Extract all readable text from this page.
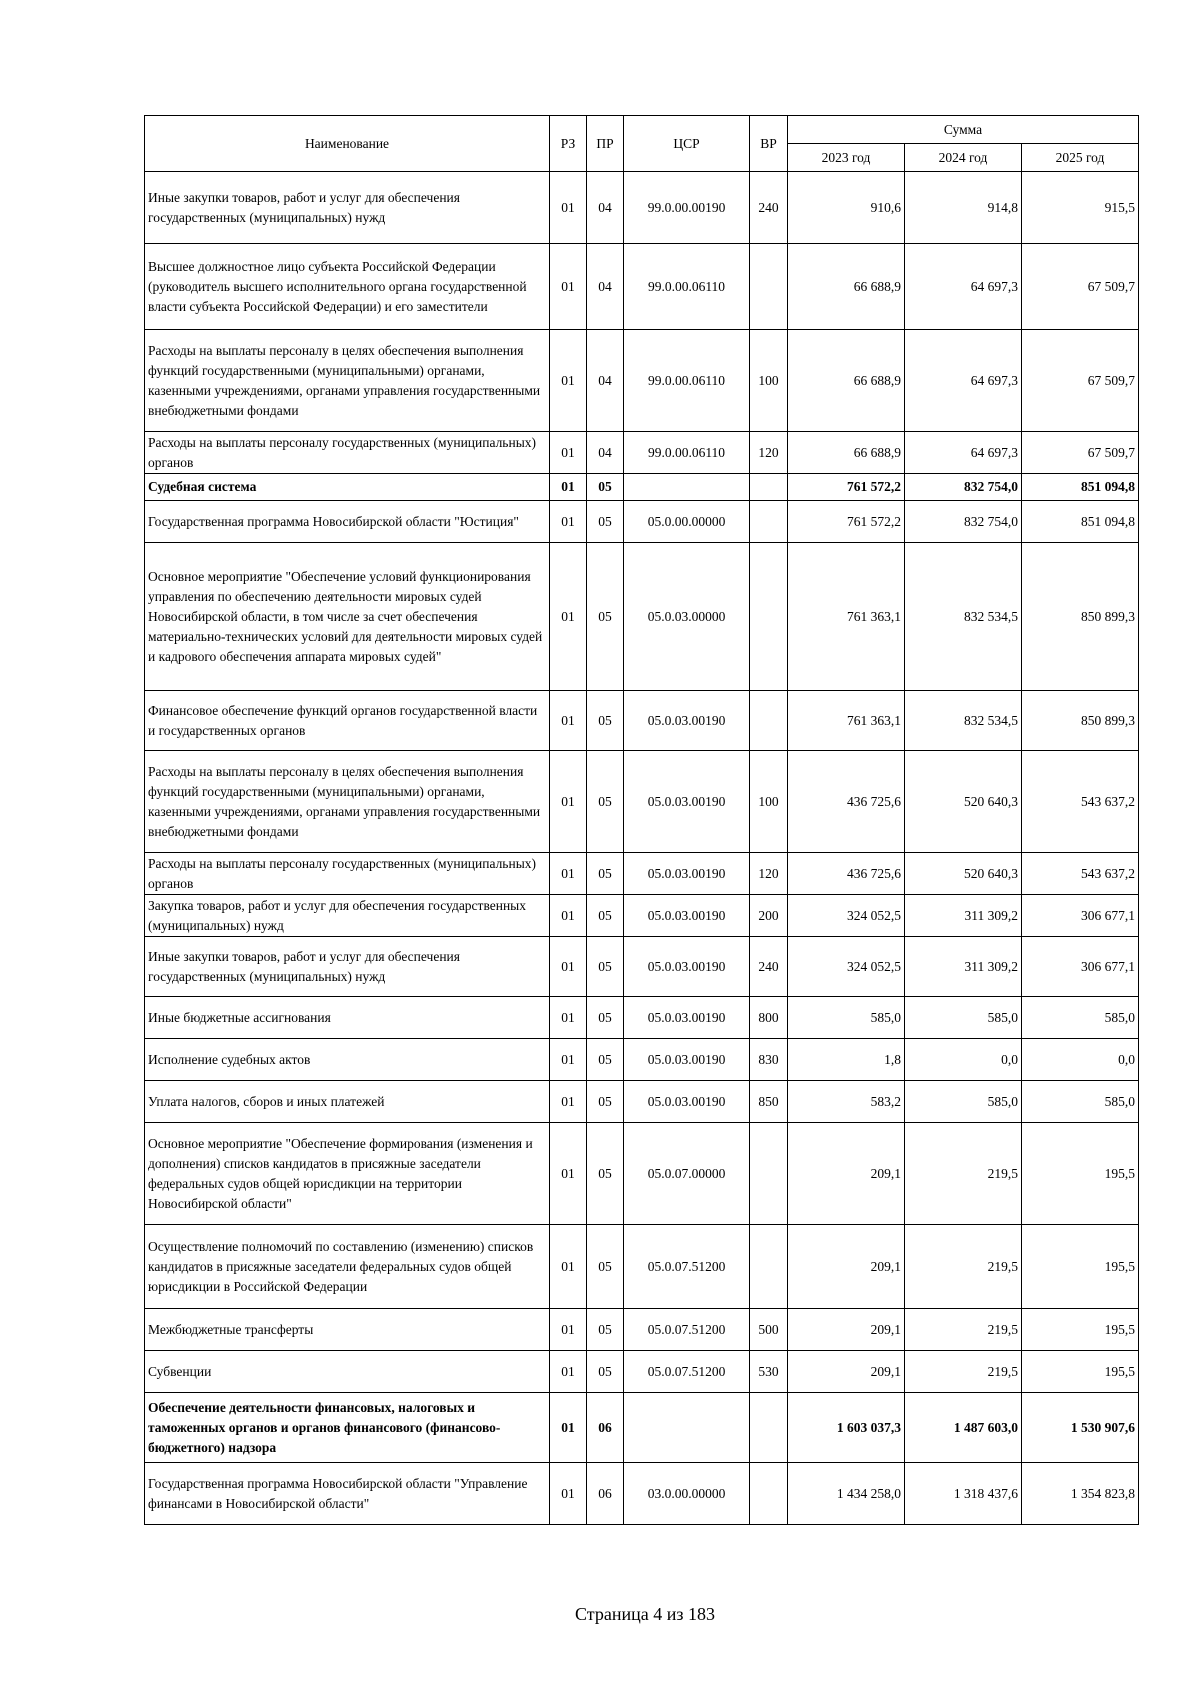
Наименование	РЗ	ПР	ЦСР	ВР	Сумма		
					2023 год	2024 год	2025 год
Иные закупки товаров, работ и услуг для обеспечения государственных (муниципальных) нужд	01	04	99.0.00.00190	240	910,6	914,8	915,5
Высшее должностное лицо субъекта Российской Федерации (руководитель высшего исполнительного органа государственной власти субъекта Российской Федерации) и его заместители	01	04	99.0.00.06110		66 688,9	64 697,3	67 509,7
Расходы на выплаты персоналу в целях обеспечения выполнения функций государственными (муниципальными) органами, казенными учреждениями, органами управления государственными внебюджетными фондами	01	04	99.0.00.06110	100	66 688,9	64 697,3	67 509,7
Расходы на выплаты персоналу государственных (муниципальных) органов	01	04	99.0.00.06110	120	66 688,9	64 697,3	67 509,7
Судебная система	01	05			761 572,2	832 754,0	851 094,8
Государственная программа Новосибирской области "Юстиция"	01	05	05.0.00.00000		761 572,2	832 754,0	851 094,8
Основное мероприятие "Обеспечение условий функционирования управления по обеспечению деятельности мировых судей Новосибирской области, в том числе за счет обеспечения материально-технических условий для деятельности мировых судей и кадрового обеспечения аппарата мировых судей"	01	05	05.0.03.00000		761 363,1	832 534,5	850 899,3
Финансовое обеспечение функций органов государственной власти и государственных органов	01	05	05.0.03.00190		761 363,1	832 534,5	850 899,3
Расходы на выплаты персоналу в целях обеспечения выполнения функций государственными (муниципальными) органами, казенными учреждениями, органами управления государственными внебюджетными фондами	01	05	05.0.03.00190	100	436 725,6	520 640,3	543 637,2
Расходы на выплаты персоналу государственных (муниципальных) органов	01	05	05.0.03.00190	120	436 725,6	520 640,3	543 637,2
Закупка товаров, работ и услуг для обеспечения государственных (муниципальных) нужд	01	05	05.0.03.00190	200	324 052,5	311 309,2	306 677,1
Иные закупки товаров, работ и услуг для обеспечения государственных (муниципальных) нужд	01	05	05.0.03.00190	240	324 052,5	311 309,2	306 677,1
Иные бюджетные ассигнования	01	05	05.0.03.00190	800	585,0	585,0	585,0
Исполнение судебных актов	01	05	05.0.03.00190	830	1,8	0,0	0,0
Уплата налогов, сборов и иных платежей	01	05	05.0.03.00190	850	583,2	585,0	585,0
Основное мероприятие "Обеспечение формирования (изменения и дополнения) списков кандидатов в присяжные заседатели федеральных судов общей юрисдикции на территории Новосибирской области"	01	05	05.0.07.00000		209,1	219,5	195,5
Осуществление полномочий по составлению (изменению) списков кандидатов в присяжные заседатели федеральных судов общей юрисдикции в Российской Федерации	01	05	05.0.07.51200		209,1	219,5	195,5
Межбюджетные трансферты	01	05	05.0.07.51200	500	209,1	219,5	195,5
Субвенции	01	05	05.0.07.51200	530	209,1	219,5	195,5
Обеспечение деятельности финансовых, налоговых и таможенных органов и органов финансового (финансово-бюджетного) надзора	01	06			1 603 037,3	1 487 603,0	1 530 907,6
Государственная программа Новосибирской области "Управление финансами в Новосибирской области"	01	06	03.0.00.00000		1 434 258,0	1 318 437,6	1 354 823,8
Страница 4 из 183
